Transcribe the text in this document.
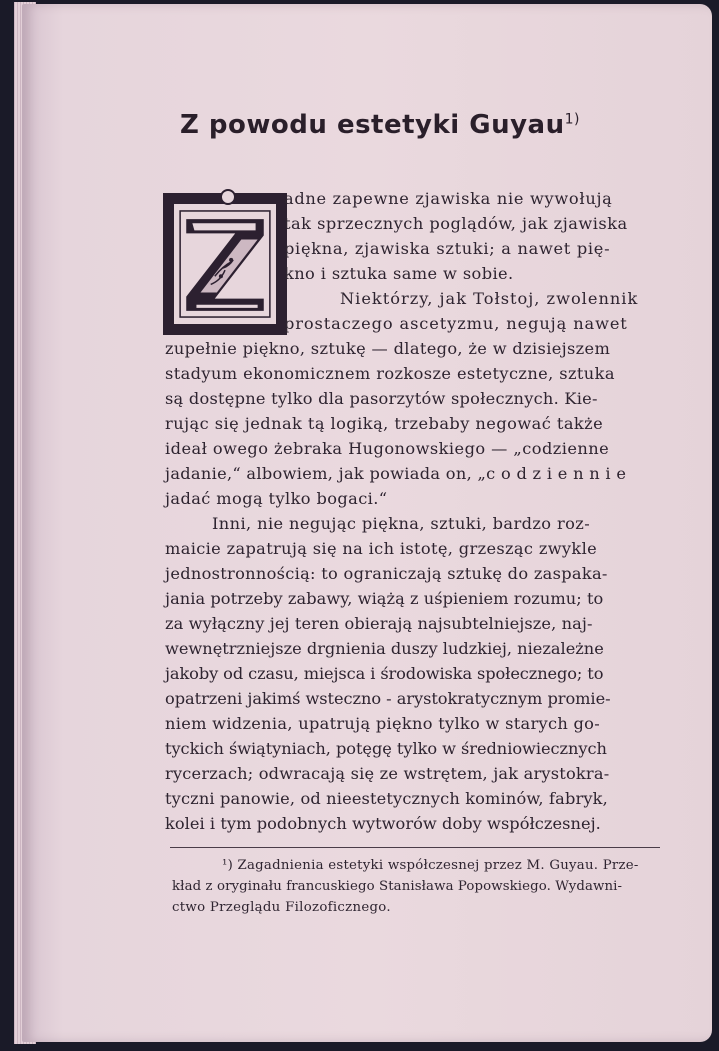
Z powodu estetyki Guyau$^{1)}$
adne zapewne zjawiska nie wywołują
tak sprzecznych poglądów, jak zjawiska
piękna, zjawiska sztuki; a nawet pię-
kno i sztuka same w sobie.
Niektórzy, jak Tołstoj, zwolennik
prostaczego ascetyzmu, negują nawet
zupełnie piękno, sztukę — dlatego, że w dzisiejszem
stadyum ekonomicznem rozkosze estetyczne, sztuka
są dostępne tylko dla pasorzytów społecznych. Kie-
rując się jednak tą logiką, trzebaby negować także
ideał owego żebraka Hugonowskiego — „codzienne
jadanie,“ albowiem, jak powiada on, „c o d z i e n n i e
jadać mogą tylko bogaci.“
Inni, nie negując piękna, sztuki, bardzo roz-
maicie zapatrują się na ich istotę, grzesząc zwykle
jednostronnością: to ograniczają sztukę do zaspaka-
jania potrzeby zabawy, wiążą z uśpieniem rozumu; to
za wyłączny jej teren obierają najsubtelniejsze, naj-
wewnętrzniejsze drgnienia duszy ludzkiej, niezależne
jakoby od czasu, miejsca i środowiska społecznego; to
opatrzeni jakimś wsteczno - arystokratycznym promie-
niem widzenia, upatrują piękno tylko w starych go-
tyckich świątyniach, potęgę tylko w średniowiecznych
rycerzach; odwracają się ze wstrętem, jak arystokra-
tyczni panowie, od nieestetycznych kominów, fabryk,
kolei i tym podobnych wytworów doby współczesnej.
¹) Zagadnienia estetyki współczesnej przez M. Guyau. Prze-
kład z oryginału francuskiego Stanisława Popowskiego. Wydawni-
ctwo Przeglądu Filozoficznego.
